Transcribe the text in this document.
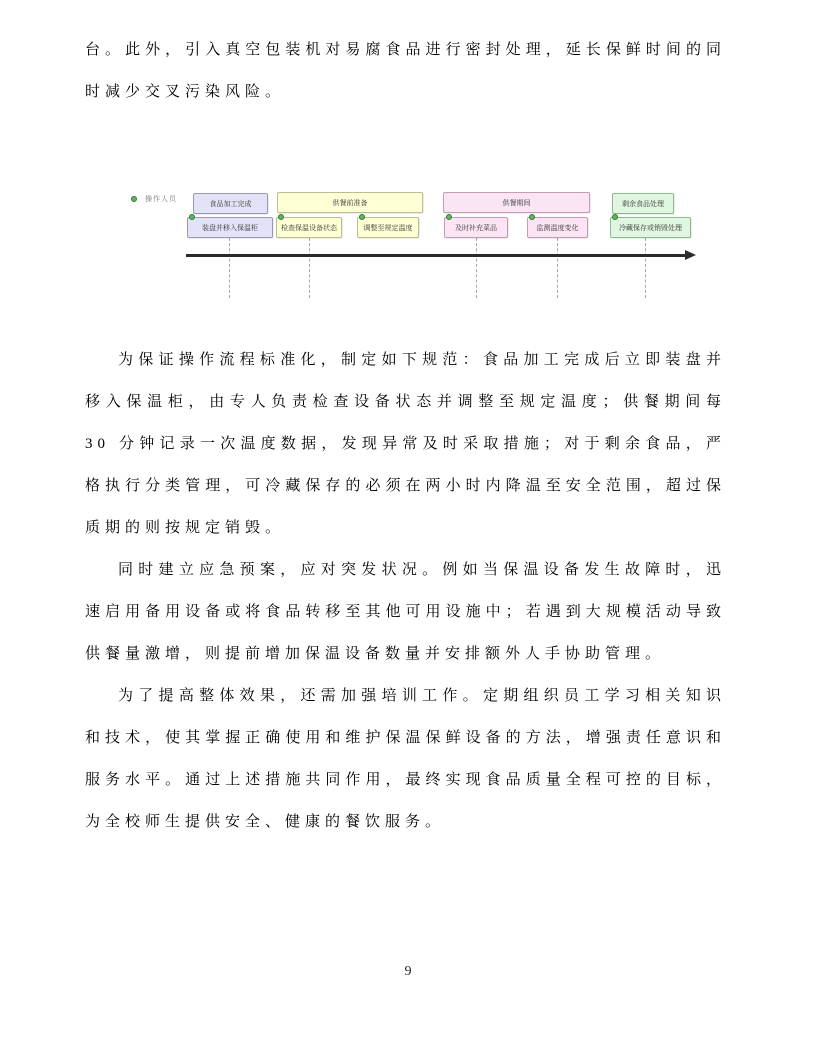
台。此外，引入真空包装机对易腐食品进行密封处理，延长保鲜时间的同时减少交叉污染风险。

操作人员
食品加工完成	供餐前准备	供餐期间	剩余食品处理
装盘并移入保温柜	检查保温设备状态	调整至规定温度	及时补充菜品	监测温度变化	冷藏保存或销毁处理

为保证操作流程标准化，制定如下规范：食品加工完成后立即装盘并移入保温柜，由专人负责检查设备状态并调整至规定温度；供餐期间每 30 分钟记录一次温度数据，发现异常及时采取措施；对于剩余食品，严格执行分类管理，可冷藏保存的必须在两小时内降温至安全范围，超过保质期的则按规定销毁。

同时建立应急预案，应对突发状况。例如当保温设备发生故障时，迅速启用备用设备或将食品转移至其他可用设施中；若遇到大规模活动导致供餐量激增，则提前增加保温设备数量并安排额外人手协助管理。

为了提高整体效果，还需加强培训工作。定期组织员工学习相关知识和技术，使其掌握正确使用和维护保温保鲜设备的方法，增强责任意识和服务水平。通过上述措施共同作用，最终实现食品质量全程可控的目标，为全校师生提供安全、健康的餐饮服务。

9
